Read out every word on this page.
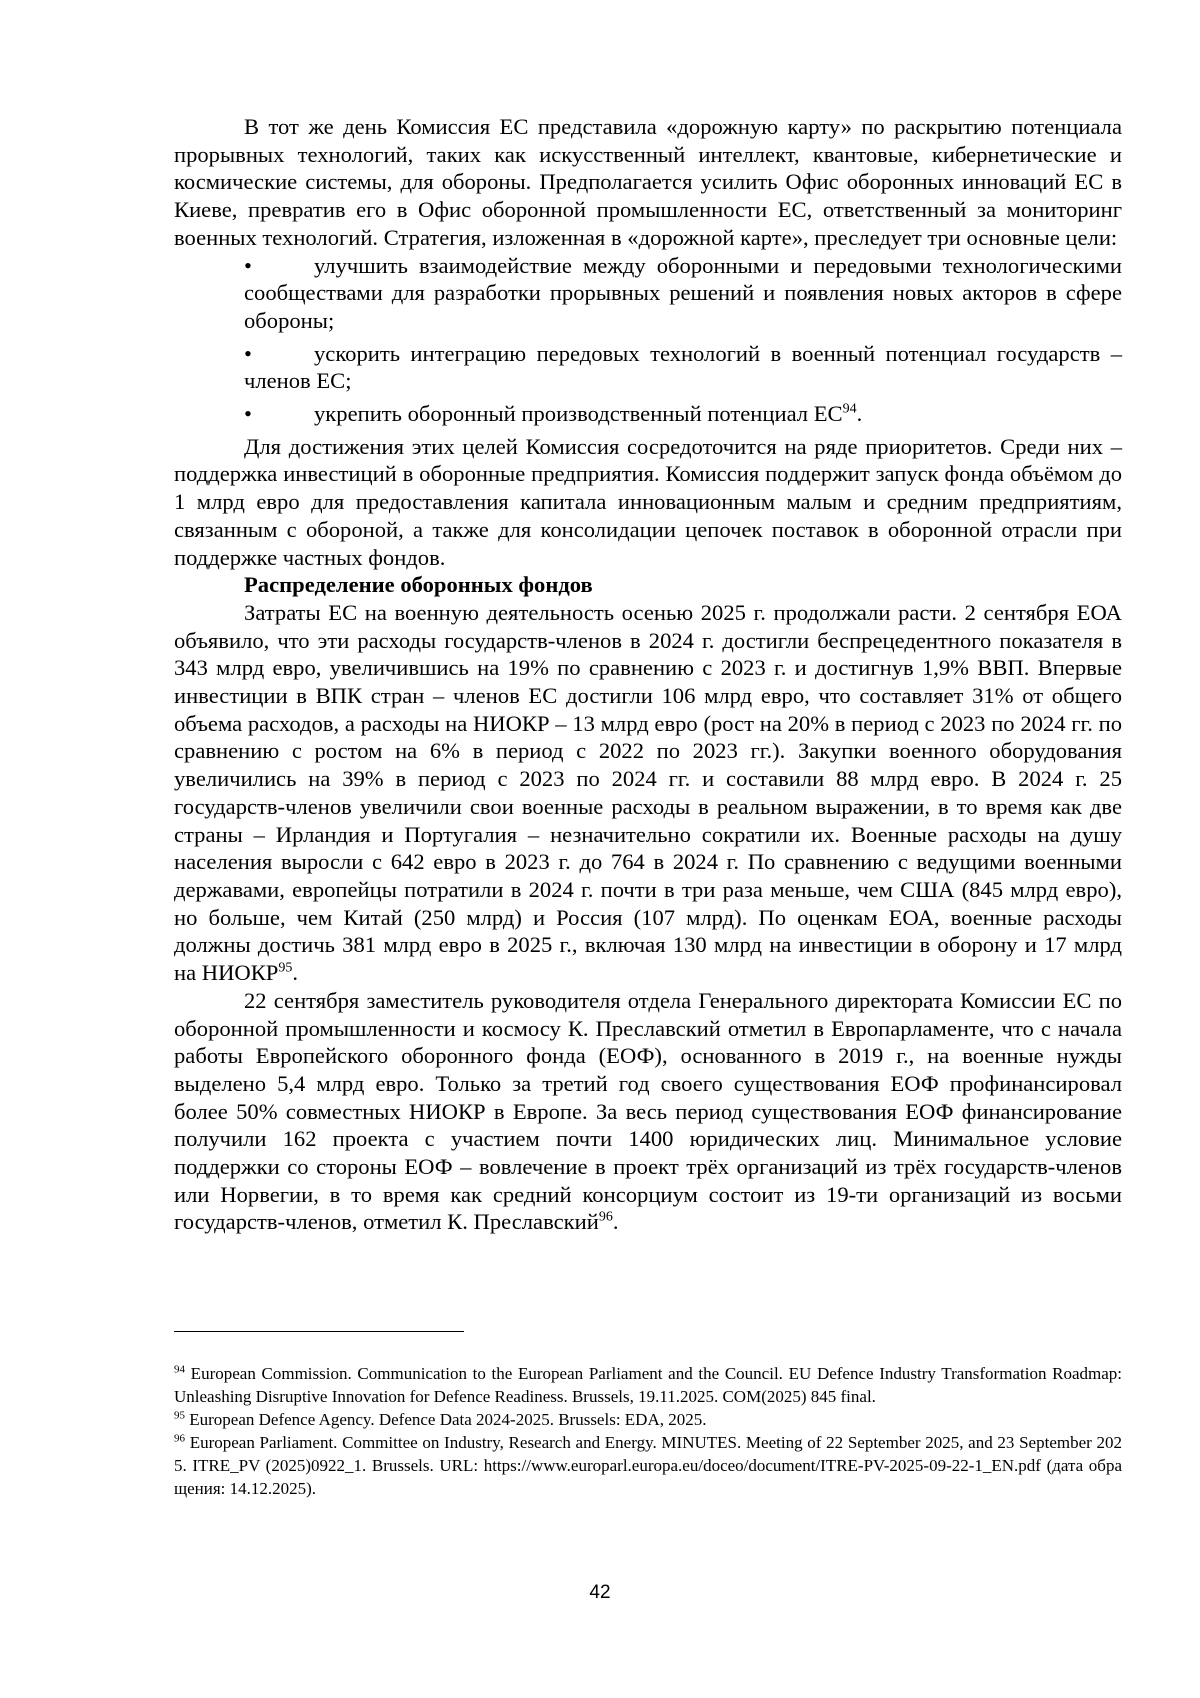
В тот же день Комиссия ЕС представила «дорожную карту» по раскрытию потенциала прорывных технологий, таких как искусственный интеллект, квантовые, кибернетические и космические системы, для обороны. Предполагается усилить Офис оборонных инноваций ЕС в Киеве, превратив его в Офис оборонной промышленности ЕС, ответственный за мониторинг военных технологий. Стратегия, изложенная в «дорожной карте», преследует три основные цели:

•	улучшить взаимодействие между оборонными и передовыми технологическими сообществами для разработки прорывных решений и появления новых акторов в сфере обороны;
•	ускорить интеграцию передовых технологий в военный потенциал государств – членов ЕС;
•	укрепить оборонный производственный потенциал ЕС$^{94}$.

Для достижения этих целей Комиссия сосредоточится на ряде приоритетов. Среди них – поддержка инвестиций в оборонные предприятия. Комиссия поддержит запуск фонда объёмом до 1 млрд евро для предоставления капитала инновационным малым и средним предприятиям, связанным с обороной, а также для консолидации цепочек поставок в оборонной отрасли при поддержке частных фондов.

Распределение оборонных фондов

Затраты ЕС на военную деятельность осенью 2025 г. продолжали расти. 2 сентября ЕОА объявило, что эти расходы государств-членов в 2024 г. достигли беспрецедентного показателя в 343 млрд евро, увеличившись на 19% по сравнению с 2023 г. и достигнув 1,9% ВВП. Впервые инвестиции в ВПК стран – членов ЕС достигли 106 млрд евро, что составляет 31% от общего объема расходов, а расходы на НИОКР – 13 млрд евро (рост на 20% в период с 2023 по 2024 гг. по сравнению с ростом на 6% в период с 2022 по 2023 гг.). Закупки военного оборудования увеличились на 39% в период с 2023 по 2024 гг. и составили 88 млрд евро. В 2024 г. 25 государств-членов увеличили свои военные расходы в реальном выражении, в то время как две страны – Ирландия и Португалия – незначительно сократили их. Военные расходы на душу населения выросли с 642 евро в 2023 г. до 764 в 2024 г. По сравнению с ведущими военными державами, европейцы потратили в 2024 г. почти в три раза меньше, чем США (845 млрд евро), но больше, чем Китай (250 млрд) и Россия (107 млрд). По оценкам ЕОА, военные расходы должны достичь 381 млрд евро в 2025 г., включая 130 млрд на инвестиции в оборону и 17 млрд на НИОКР$^{95}$.

22 сентября заместитель руководителя отдела Генерального директората Комиссии ЕС по оборонной промышленности и космосу К. Преславский отметил в Европарламенте, что с начала работы Европейского оборонного фонда (ЕОФ), основанного в 2019 г., на военные нужды выделено 5,4 млрд евро. Только за третий год своего существования ЕОФ профинансировал более 50% совместных НИОКР в Европе. За весь период существования ЕОФ финансирование получили 162 проекта с участием почти 1400 юридических лиц. Минимальное условие поддержки со стороны ЕОФ – вовлечение в проект трёх организаций из трёх государств-членов или Норвегии, в то время как средний консорциум состоит из 19-ти организаций из восьми государств-членов, отметил К. Преславский$^{96}$.

$^{94}$ European Commission. Communication to the European Parliament and the Council. EU Defence Industry Transformation Roadmap: Unleashing Disruptive Innovation for Defence Readiness. Brussels, 19.11.2025. COM(2025) 845 final.

$^{95}$ European Defence Agency. Defence Data 2024-2025. Brussels: EDA, 2025.

$^{96}$ European Parliament. Committee on Industry, Research and Energy. MINUTES. Meeting of 22 September 2025, and 23 September 2025. ITRE_PV (2025)0922_1. Brussels. URL: https://www.europarl.europa.eu/doceo/document/ITRE-PV-2025-09-22-1_EN.pdf (дата обращения: 14.12.2025).

42
